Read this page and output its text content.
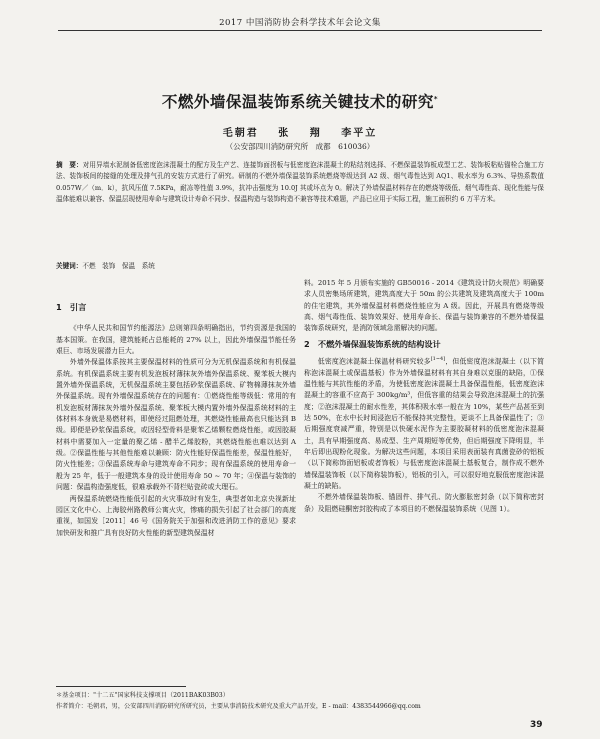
2017 中国消防协会科学技术年会论文集
不燃外墙保温装饰系统关键技术的研究*
毛朝君 张 翔 李平立
（公安部四川消防研究所　成都　610036）
摘　要：对用异墙水泥制备低密度泡沫混凝土的配方及生产艺、连接饰面拐板与低密度泡沫混凝土的粘结剂选择、不燃保温装饰板成型工艺、装饰板粘贴锚栓合施工方法、装饰板间的接缝的处理及排气孔的安装方式进行了研究。研制的不燃外墙保温装饰系统燃烧等级达到 A2 级、烟气毒性达到 AQ1、吸水率为 6.3%、导热系数值 0.057W／（m．k），抗风压值 7.5KPa，耐冻等性值 3.9%，抗冲击强度为 10.0J 其或坏点为 0。解决了外墙保温材料存在的燃烧等级低、烟气毒性高、现化性能与保温体能难以兼容、保温层现使用寿命与建筑设计寿命不同步、保温构造与装饰构造不兼容等技术难题，产品已应用于实际工程，施工面积约 6 万平方米。
关键词：不燃　装饰　保温　系统

1　引言

《中华人民共和国节约能源法》总则第四条明确指出，节约资源是我国的基本国策。在我国，建筑能耗占总能耗的 27% 以上，因此外墙保温节能任务艰巨、市场发展潜力巨大。

外墙外保温体系按其主要保温材料的性质可分为无机保温系统和有机保温系统。有机保温系统主要有机发泡板材薄抹灰外墙外保温系统、聚苯板大模内置外墙外保温系统，无机保温系统主要包括砂浆保温系统、矿物棉薄抹灰外墙外保温系统。现有外墙保温系统存在的问题有：①燃烧性能等级低：常用的有机发泡板材薄抹灰外墙外保温系统、聚苯板大模内置外墙外保温系统材料的主体材料本身就是易燃材料，即使经过阻燃处理，其燃烧性能最高也只能达到 B 级。即便是砂浆保温系统，或因轻型骨料是聚苯乙烯颗粒燃烧性能，或因胶凝材料中需要加入一定量的聚乙烯 - 醋半乙烯胶粉，其燃烧性能也难以达到 A 级。②保温性能与其他性能难以兼顾：防火性能好保温性能差，保温性能好，防火性能差；③保温系统寿命与建筑寿命不同步；现有保温系统的使用寿命一般为 25 年，低于一般建筑本身的设计使用寿命 50 ~ 70 年；④保温与装饰的问题：保温构造强度低，很难承载外不背栏贴瓷砖或大理石。

两保温系统燃烧性能低引起的火灾事故时有发生，典型者如北京央视新址园区文化中心、上海胶州路教师公寓火灾，惨痛的损失引起了社会部门的高度重视，如国发［2011］46 号《国务院关于加强和改进消防工作的意见》要求加快研发和推广具有良好防火性能的新型建筑保温材

料。2015 年 5 月颁布实施的 GB50016 - 2014《建筑设计防火规范》明确要求人员密集场所建筑，建筑高度大于 50m 的公共建筑及建筑高度大于 100m 的住宅建筑，其外墙保温材料燃烧性能应为 A 级。因此，开展具有燃烧等级高、烟气毒性低、装饰效果好、使用寿命长、保温与装饰兼容的不燃外墙保温装饰系统研究，是消防领域急需解决的问题。

2　不燃外墙保温装饰系统的结构设计

低密度泡沫混凝土保温材料研究较多[1~4]，但低密度泡沫混凝土（以下简称泡沫混凝土或保温基板）作为外墙保温材料有其自身难以克服的缺陷，①保温性能与其抗性能的矛盾，为使低密度泡沫混凝土具备保温性能，低密度泡沫混凝土的容重不应高于 300kg/m³，但低容重的结果会导致泡沫混凝土的抗强度；②泡沫混凝土的耐水性差，其体积吸水率一般在为 10%，某些产品甚至到达 50%，在水中长时间浸泡后不能保持其完整性，更谈不上具备保温性了；③后期强度衰减严重，特别是以快硬水泥作为主要胶凝材料的低密度泡沫混凝土，具有早期强度高、易成型、生产周期短等优势，但后期强度下降明显，半年后即出现粉化现象。为解决这些问题，本项目采用表面装有真菌瓷砂的铝板（以下简称饰面铝板或者饰板）与低密度泡沫混凝土基板复合，制作成不燃外墙保温装饰板（以下简称装饰板），铝板的引入，可以很好地克服低密度泡沫混凝土的缺陷。

不燃外墙保温装饰板、锚固件、排气孔、防火膨胀密封条（以下简称密封条）及阻燃硅酮密封胶构成了本项目的不燃保温装饰系统（见图 1）。

＊基金项目："十二五"国家科技支撑项目（2011BAK03B03）
作者简介：毛朝君，男，公安部四川消防研究所研究员，主要从事消防技术研究及重大产品开发，E - mail：4383544966@qq.com
39
